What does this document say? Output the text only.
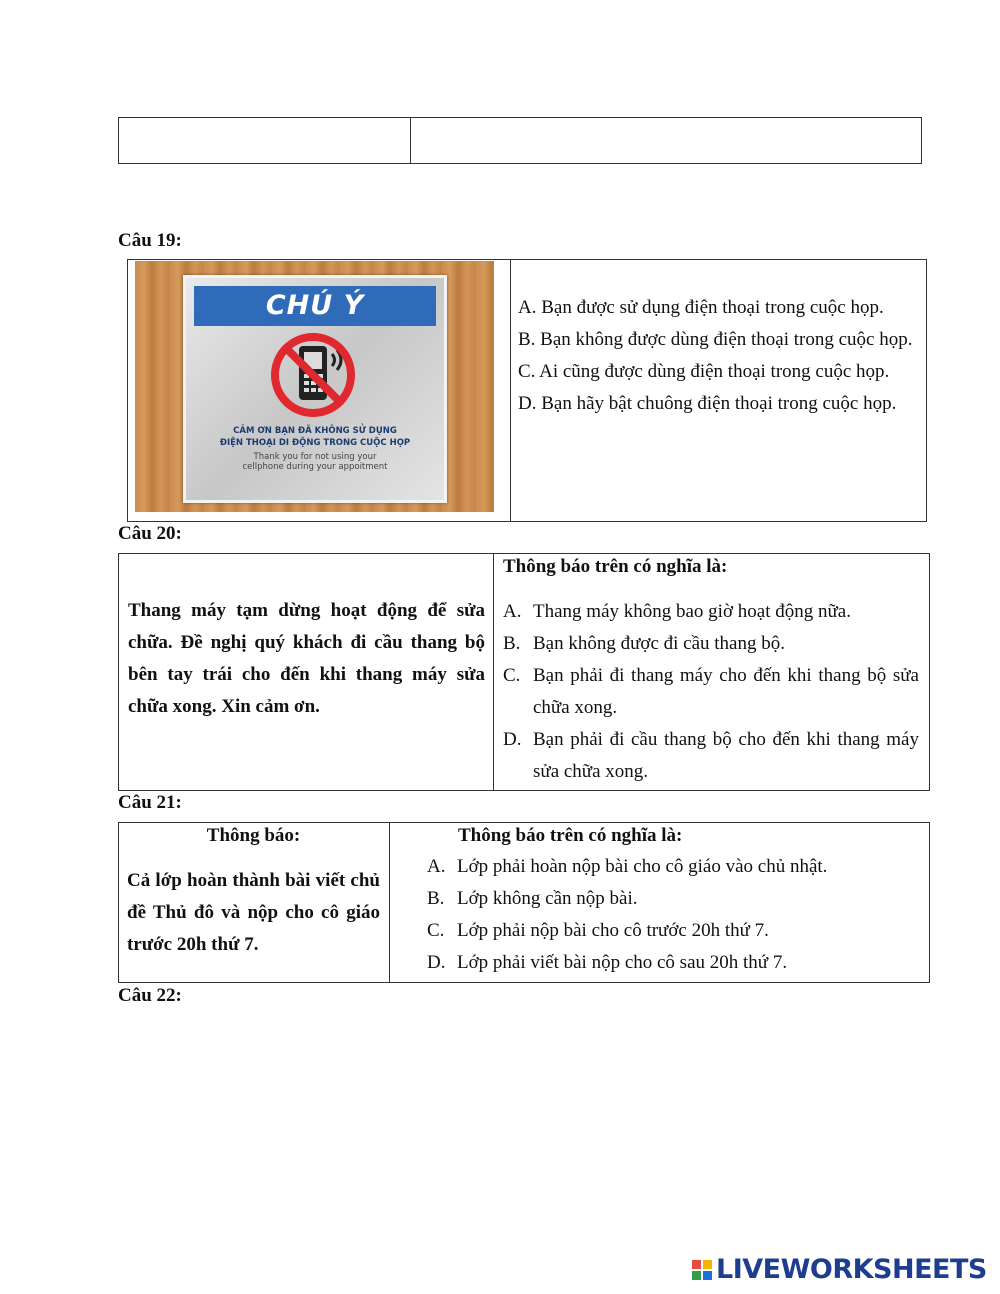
Câu 19:
CHÚ Ý
CẢM ƠN BẠN ĐÃ KHÔNG SỬ DỤNG
ĐIỆN THOẠI DI ĐỘNG TRONG CUỘC HỌP
Thank you for not using your
cellphone during your appoitment
A. Bạn được sử dụng điện thoại trong cuộc họp.
B. Bạn không được dùng điện thoại trong cuộc họp.
C. Ai cũng được dùng điện thoại trong cuộc họp.
D. Bạn hãy bật chuông điện thoại trong cuộc họp.
Câu 20:
Thang máy tạm dừng hoạt động để sửa chữa. Đề nghị quý khách đi cầu thang bộ bên tay trái cho đến khi thang máy sửa chữa xong. Xin cảm ơn.
Thông báo trên có nghĩa là:
A. Thang máy không bao giờ hoạt động nữa.
B. Bạn không được đi cầu thang bộ.
C. Bạn phải đi thang máy cho đến khi thang bộ sửa chữa xong.
D. Bạn phải đi cầu thang bộ cho đến khi thang máy sửa chữa xong.
Câu 21:
Thông báo:
Cả lớp hoàn thành bài viết chủ đề Thủ đô và nộp cho cô giáo trước 20h thứ 7.
Thông báo trên có nghĩa là:
A. Lớp phải hoàn nộp bài cho cô giáo vào chủ nhật.
B. Lớp không cần nộp bài.
C. Lớp phải nộp bài cho cô trước 20h thứ 7.
D. Lớp phải viết bài nộp cho cô sau 20h thứ 7.
Câu 22:
LIVEWORKSHEETS
